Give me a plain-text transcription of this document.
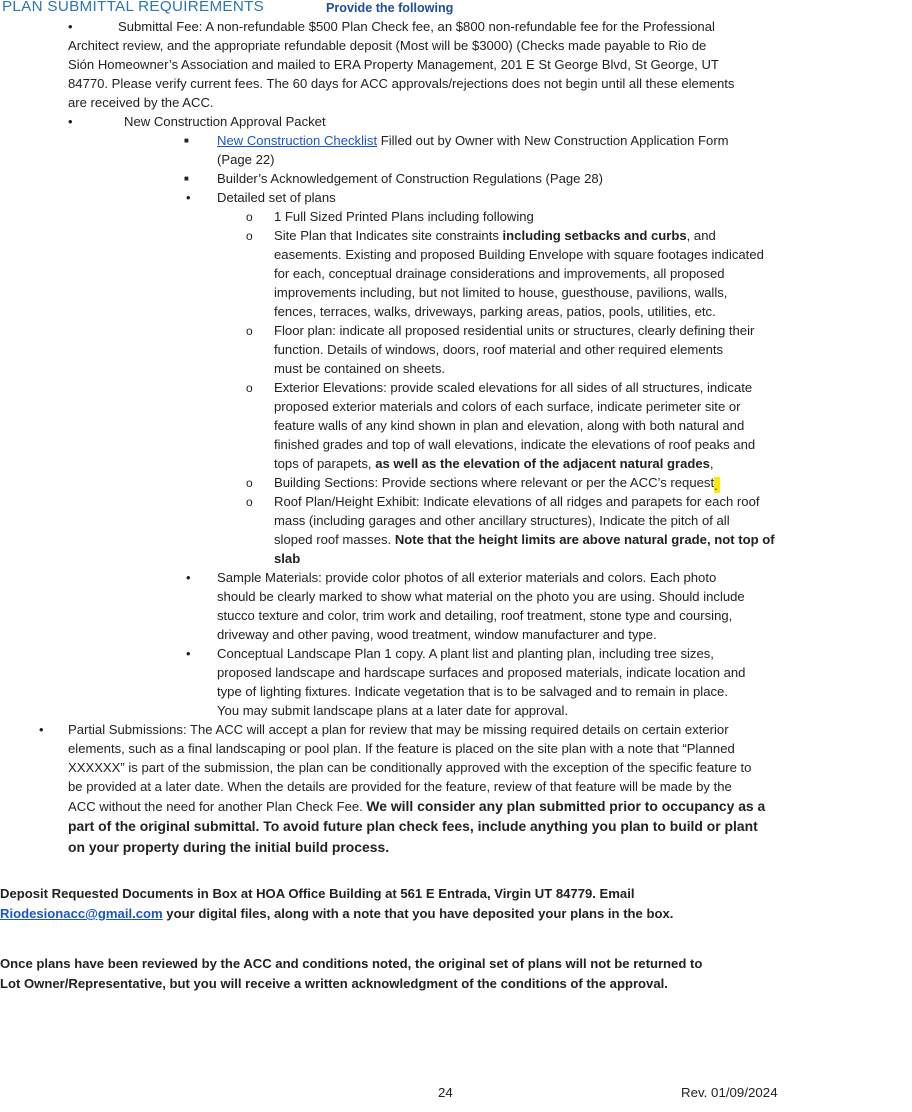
PLAN SUBMITTAL REQUIREMENTS	Provide the following
•	Submittal Fee: A non-refundable $500 Plan Check fee, an $800 non-refundable fee for the Professional
Architect review, and the appropriate refundable deposit (Most will be $3000) (Checks made payable to Rio de
Sión Homeowner’s Association and mailed to ERA Property Management, 201 E St George Blvd, St George, UT
84770. Please verify current fees. The 60 days for ACC approvals/rejections does not begin until all these elements
are received by the ACC.
•	New Construction Approval Packet
■ New Construction Checklist Filled out by Owner with New Construction Application Form
(Page 22)
■ Builder’s Acknowledgement of Construction Regulations (Page 28)
• Detailed set of plans
o 1 Full Sized Printed Plans including following
o Site Plan that Indicates site constraints including setbacks and curbs, and
easements. Existing and proposed Building Envelope with square footages indicated
for each, conceptual drainage considerations and improvements, all proposed
improvements including, but not limited to house, guesthouse, pavilions, walls,
fences, terraces, walks, driveways, parking areas, patios, pools, utilities, etc.
o Floor plan: indicate all proposed residential units or structures, clearly defining their
function. Details of windows, doors, roof material and other required elements
must be contained on sheets.
o Exterior Elevations: provide scaled elevations for all sides of all structures, indicate
proposed exterior materials and colors of each surface, indicate perimeter site or
feature walls of any kind shown in plan and elevation, along with both natural and
finished grades and top of wall elevations, indicate the elevations of roof peaks and
tops of parapets, as well as the elevation of the adjacent natural grades,
o Building Sections: Provide sections where relevant or per the ACC’s request.
o Roof Plan/Height Exhibit: Indicate elevations of all ridges and parapets for each roof
mass (including garages and other ancillary structures), Indicate the pitch of all
sloped roof masses. Note that the height limits are above natural grade, not top of
slab
• Sample Materials: provide color photos of all exterior materials and colors. Each photo
should be clearly marked to show what material on the photo you are using. Should include
stucco texture and color, trim work and detailing, roof treatment, stone type and coursing,
driveway and other paving, wood treatment, window manufacturer and type.
• Conceptual Landscape Plan 1 copy. A plant list and planting plan, including tree sizes,
proposed landscape and hardscape surfaces and proposed materials, indicate location and
type of lighting fixtures. Indicate vegetation that is to be salvaged and to remain in place.
You may submit landscape plans at a later date for approval.
• Partial Submissions: The ACC will accept a plan for review that may be missing required details on certain exterior
elements, such as a final landscaping or pool plan. If the feature is placed on the site plan with a note that “Planned
XXXXXX” is part of the submission, the plan can be conditionally approved with the exception of the specific feature to
be provided at a later date. When the details are provided for the feature, review of that feature will be made by the
ACC without the need for another Plan Check Fee. We will consider any plan submitted prior to occupancy as a
part of the original submittal. To avoid future plan check fees, include anything you plan to build or plant
on your property during the initial build process.
Deposit Requested Documents in Box at HOA Office Building at 561 E Entrada, Virgin UT 84779. Email
Riodesionacc@gmail.com your digital files, along with a note that you have deposited your plans in the box.
Once plans have been reviewed by the ACC and conditions noted, the original set of plans will not be returned to
Lot Owner/Representative, but you will receive a written acknowledgment of the conditions of the approval.
24	Rev. 01/09/2024
